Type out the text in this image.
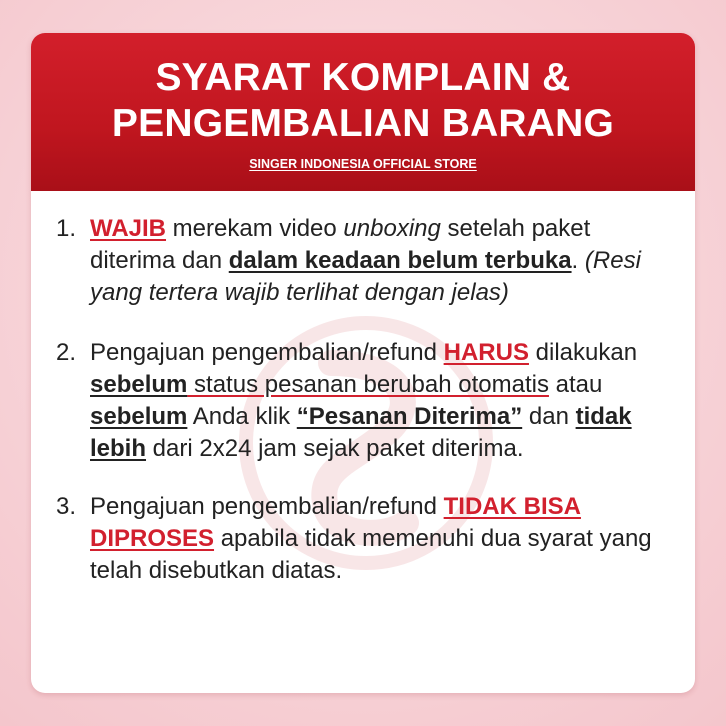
SYARAT KOMPLAIN &
PENGEMBALIAN BARANG
SINGER INDONESIA OFFICIAL STORE
1. WAJIB merekam video unboxing setelah paket diterima dan dalam keadaan belum terbuka. (Resi yang tertera wajib terlihat dengan jelas)
2. Pengajuan pengembalian/refund HARUS dilakukan sebelum status pesanan berubah otomatis atau sebelum Anda klik “Pesanan Diterima” dan tidak lebih dari 2x24 jam sejak paket diterima.
3. Pengajuan pengembalian/refund TIDAK BISA DIPROSES apabila tidak memenuhi dua syarat yang telah disebutkan diatas.
